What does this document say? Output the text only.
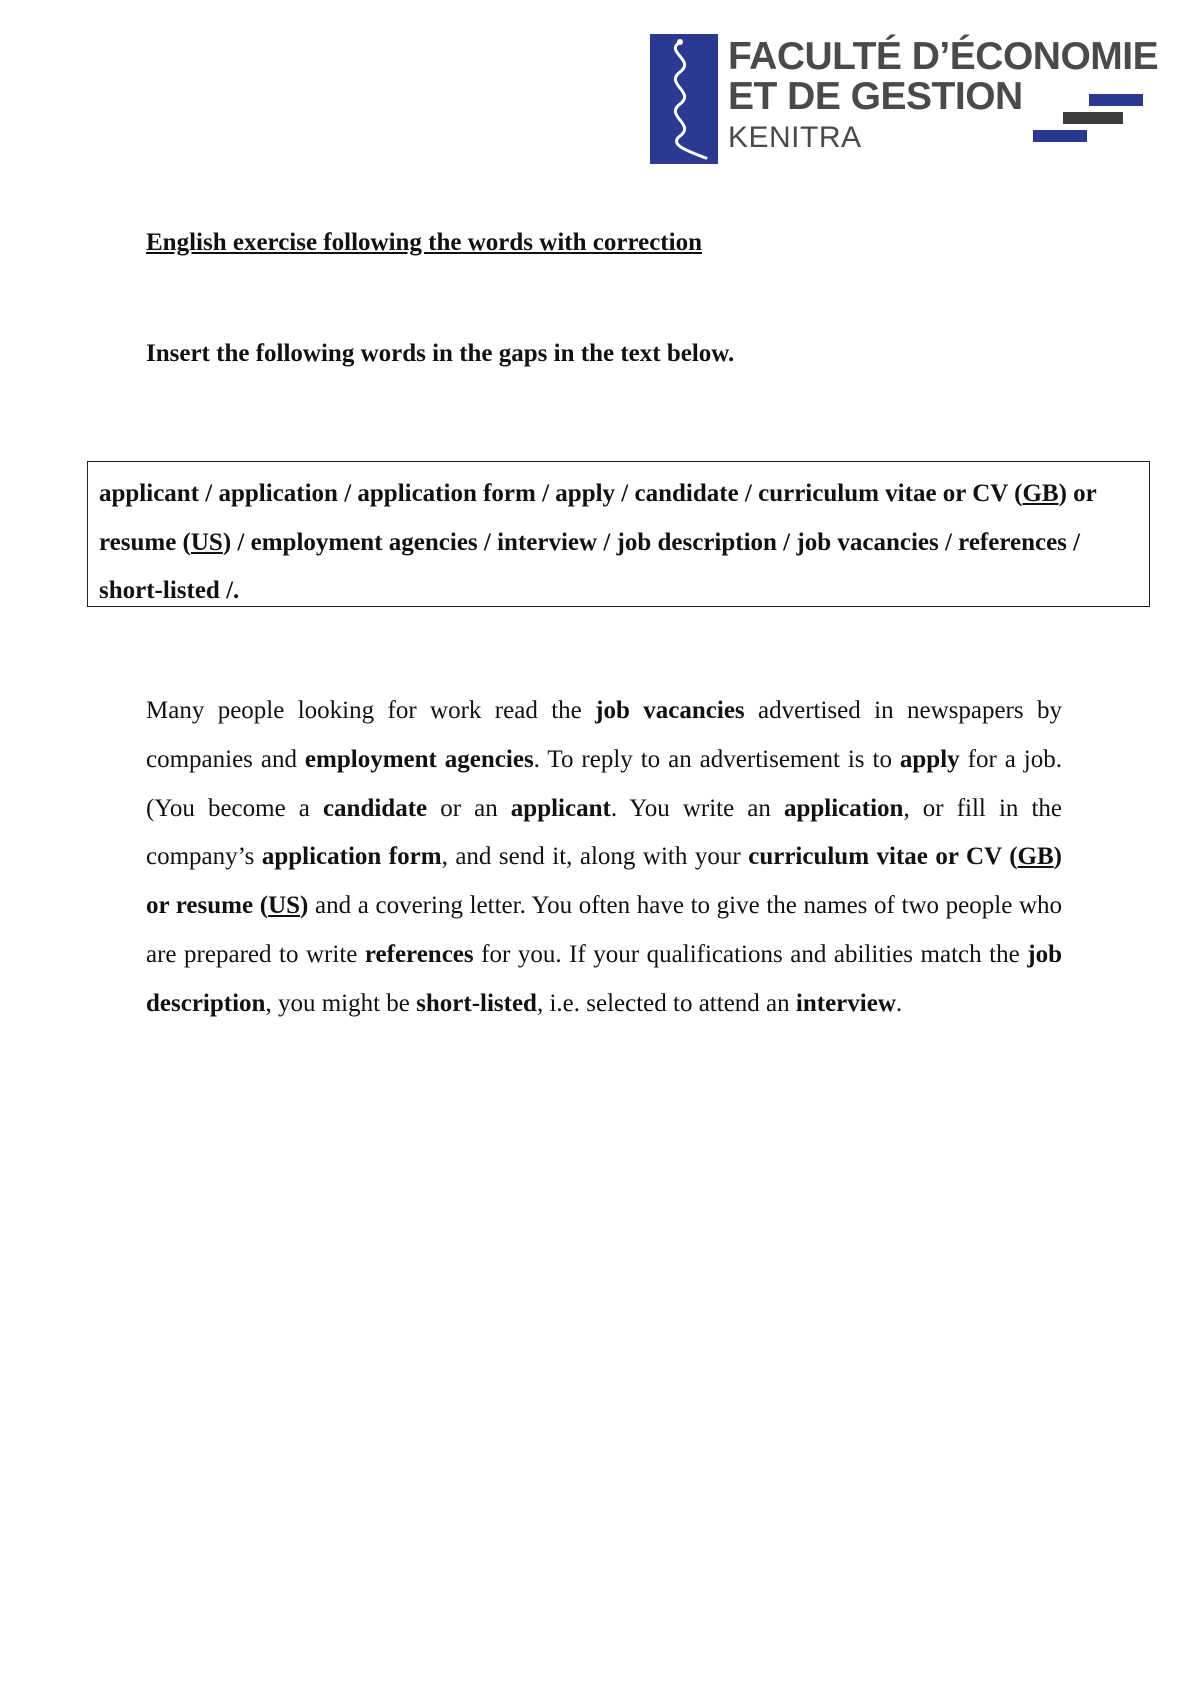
FACULTÉ D’ÉCONOMIE
ET DE GESTION
KENITRA

English exercise following the words with correction

Insert the following words in the gaps in the text below.

applicant / application / application form / apply / candidate / curriculum vitae or CV (GB) or resume (US) / employment agencies / interview / job description / job vacancies / references / short-listed /.

Many people looking for work read the job vacancies advertised in newspapers by companies and employment agencies. To reply to an advertisement is to apply for a job. (You become a candidate or an applicant. You write an application, or fill in the company’s application form, and send it, along with your curriculum vitae or CV (GB) or resume (US) and a covering letter. You often have to give the names of two people who are prepared to write references for you. If your qualifications and abilities match the job description, you might be short-listed, i.e. selected to attend an interview.
